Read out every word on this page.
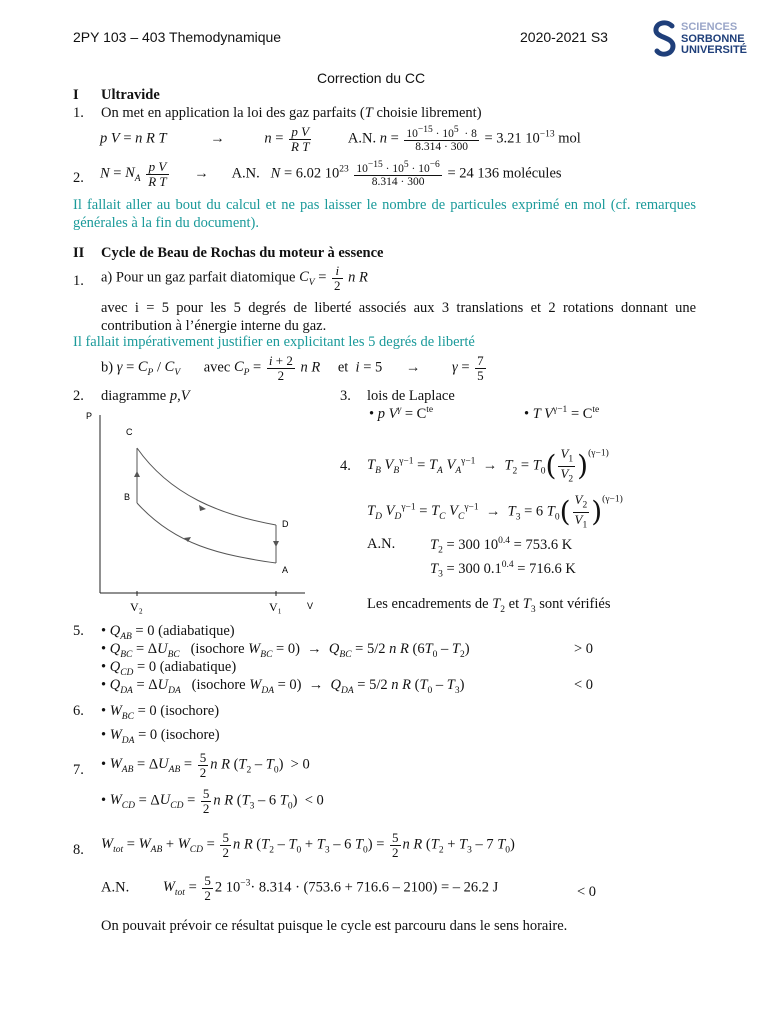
2PY 103 – 403 Themodynamique	2020-2021 S3
SCIENCES
SORBONNE
UNIVERSITÉ
Correction du CC
I Ultravide
1. On met en application la loi des gaz parfaits (T choisie librement)
p V = n R T	→	$n = \frac{\text{p V}}{\text{R T}}$	A.N. $n = \frac{10^{-15} \cdot 10^5 \cdot 8}{8.314 \cdot 300} = 3.21$ $10^{-13}$ mol
2. $N = N_A \frac{\text{p V}}{\text{R T}} \to A.N$.   N = 6.02 $10^{23} \frac{10^{-15} \cdot 10^5 \cdot 10^{-6}}{8.314 \cdot 300} = 24$ 136 molécules
Il fallait aller au bout du calcul et ne pas laisser le nombre de particules exprimé en mol (cf. remarques générales à la fin du document).
II Cycle de Beau de Rochas du moteur à essence
1. a) Pour un gaz parfait diatomique $C_V = \frac{i}{2}$ n R
avec i = 5 pour les 5 degrés de liberté associés aux 3 translations et 2 rotations donnant une contribution à l’énergie interne du gaz.
Il fallait impérativement justifier en explicitant les 5 degrés de liberté
b) $\gamma = C_P / C_V$ avec $C_P = \frac{i + 2}{2}$ n R et  $i = 5 \to \gamma = \frac{7}{5}$
2. diagramme p,V
P
V
C
B
D
A
V₂	V₁
3. lois de Laplace
• p $V^\gamma = C^{te}$	• T $V^{\gamma-1} = C^{te}$
4. $T_B$ $V_B^{\gamma-1} = T_A$ $V_A^{\gamma-1} \to T_2 = T_0( \frac{V_1}{V_2} )^{(\gamma-1)}$
$T_D$ $V_D^{\gamma-1} = T_C$ $V_C^{\gamma-1} \to T_3 = 6$ $T_0( \frac{V_2}{V_1} )^{(\gamma-1)}$
A.N. $T_2 = 300$ $10^{0.4} = 753.6$ K
$T_3 = 300$ $0.1^{0.4} = 716.6$ K
Les encadrements de $T_2$ et $T_3$ sont vérifiés
5. • $Q_{AB} = 0$ (adiabatique)
• $Q_{BC} = \Delta U_{BC}$ (isochore $W_{BC} = 0) \to Q_{BC} = 5/2$ n R $(6T_0 - T_2)$	> 0
• $Q_{CD} = 0$ (adiabatique)
• $Q_{DA} = \Delta U_{DA}$ (isochore $W_{DA} = 0) \to Q_{DA} = 5/2$ n R $(T_0 - T_3)$	< 0
6. • $W_{BC} = 0$ (isochore)
• $W_{DA} = 0$ (isochore)
7. • $W_{AB} = \Delta U_{AB} = \frac{5}{2}$ n R $(T_2 - T_0) > 0$
• $W_{CD} = \Delta U_{CD} = \frac{5}{2}$ n R ($T_3 - 6$ $T_0) < 0$
8. $W_{tot} = W_{AB} + W_{CD} = \frac{5}{2}$ n R ($T_2 - T_0 + T_3 - 6$ $T_0) = \frac{5}{2}$ n R ($T_2 + T_3 - 7$ $T_0$)
A.N. $W_{tot} = \frac{5}{2} 2$ $10^{-3}\cdot 8.314 \cdot (753.6 + 716.6 - 2100)$ = – 26.2 J	< 0
On pouvait prévoir ce résultat puisque le cycle est parcouru dans le sens horaire.
